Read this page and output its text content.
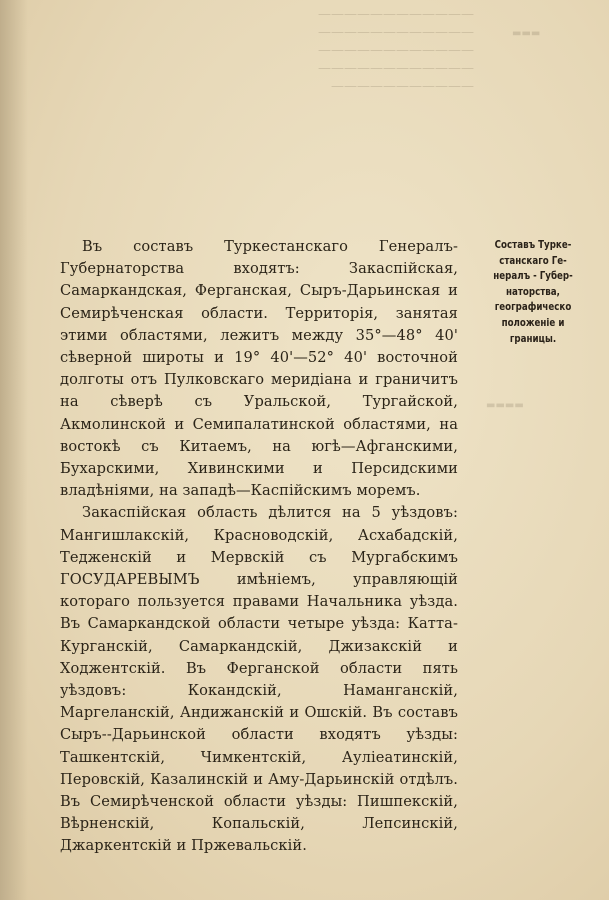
————————————
————————————
————————————
————————————
———————————
▬▬▬
▬▬▬▬

Въ составъ Туркестанскаго Генералъ-Губернаторства входятъ: Закаспійская, Самаркандская, Ферганская, Сыръ-Дарьинская и Семирѣченская области. Территорія, занятая этими областями, лежитъ между 35°—48° 40' сѣверной широты и 19° 40'—52° 40' восточной долготы отъ Пулковскаго меридіана и граничитъ на сѣверѣ съ Уральской, Тургайской, Акмолинской и Семипалатинской областями, на востокѣ съ Китаемъ, на югѣ—Афганскими, Бухарскими, Хивинскими и Персидскими владѣніями, на западѣ—Каспійскимъ моремъ.

Закаспійская область дѣлится на 5 уѣздовъ: Мангишлакскій, Красноводскій, Асхабадскій, Тедженскій и Мервскій съ Мургабскимъ ГОСУДАРЕВЫМЪ имѣніемъ, управляющій котораго пользуется правами Начальника уѣзда. Въ Самаркандской области четыре уѣзда: Катта-Курганскій, Самаркандскій, Джизакскій и Ходжентскій. Въ Ферганской области пять уѣздовъ: Кокандскій, Наманганскій, Маргеланскій, Андижанскій и Ошскій. Въ составъ Сыръ--Дарьинской области входятъ уѣзды: Ташкентскій, Чимкентскій, Аулiеатинскій, Перовскій, Казалинскій и Аму-Дарьинскій отдѣлъ. Въ Семирѣченской области уѣзды: Пишпекскій, Вѣрненскій, Копальскій, Лепсинскій, Джаркентскій и Пржевальскій.

Составъ Турке-
станскаго Ге-
нералъ - Губер-
наторства,
географическо
положенiе и
границы.
